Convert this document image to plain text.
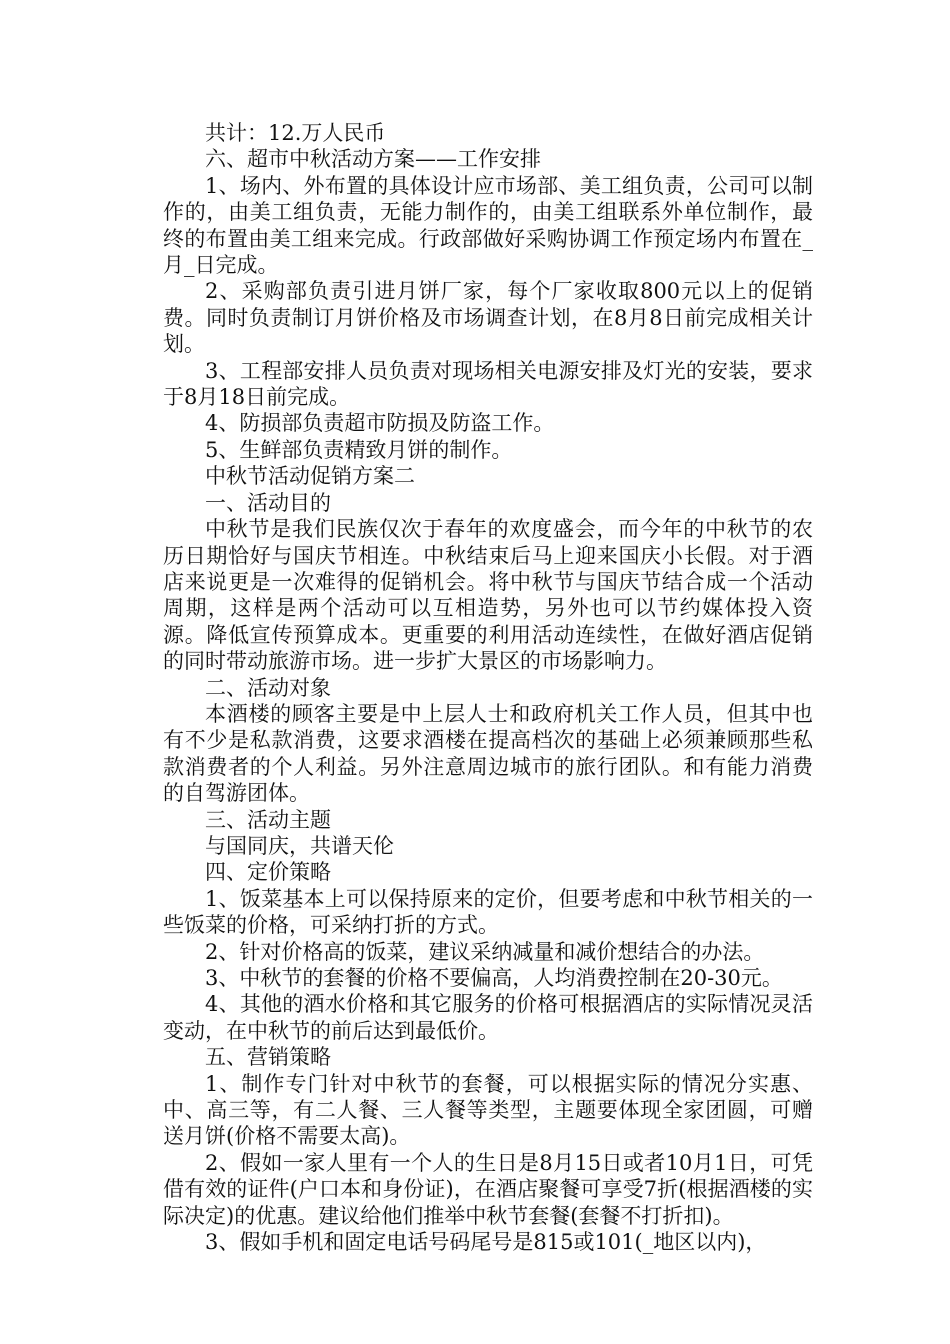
共计：12.万人民币

六、超市中秋活动方案——工作安排

1、场内、外布置的具体设计应市场部、美工组负责，公司可以制作的，由美工组负责，无能力制作的，由美工组联系外单位制作，最终的布置由美工组来完成。行政部做好采购协调工作预定场内布置在_月_日完成。

2、采购部负责引进月饼厂家，每个厂家收取800元以上的促销费。同时负责制订月饼价格及市场调查计划，在8月8日前完成相关计划。

3、工程部安排人员负责对现场相关电源安排及灯光的安装，要求于8月18日前完成。

4、防损部负责超市防损及防盗工作。

5、生鲜部负责精致月饼的制作。

中秋节活动促销方案二

一、活动目的

中秋节是我们民族仅次于春年的欢度盛会，而今年的中秋节的农历日期恰好与国庆节相连。中秋结束后马上迎来国庆小长假。对于酒店来说更是一次难得的促销机会。将中秋节与国庆节结合成一个活动周期，这样是两个活动可以互相造势，另外也可以节约媒体投入资源。降低宣传预算成本。更重要的利用活动连续性，在做好酒店促销的同时带动旅游市场。进一步扩大景区的市场影响力。

二、活动对象

本酒楼的顾客主要是中上层人士和政府机关工作人员，但其中也有不少是私款消费，这要求酒楼在提高档次的基础上必须兼顾那些私款消费者的个人利益。另外注意周边城市的旅行团队。和有能力消费的自驾游团体。

三、活动主题

与国同庆，共谱天伦

四、定价策略

1、饭菜基本上可以保持原来的定价，但要考虑和中秋节相关的一些饭菜的价格，可采纳打折的方式。

2、针对价格高的饭菜，建议采纳减量和减价想结合的办法。

3、中秋节的套餐的价格不要偏高，人均消费控制在20-30元。

4、其他的酒水价格和其它服务的价格可根据酒店的实际情况灵活变动，在中秋节的前后达到最低价。

五、营销策略

1、制作专门针对中秋节的套餐，可以根据实际的情况分实惠、中、高三等，有二人餐、三人餐等类型，主题要体现全家团圆，可赠送月饼(价格不需要太高)。

2、假如一家人里有一个人的生日是8月15日或者10月1日，可凭借有效的证件(户口本和身份证)，在酒店聚餐可享受7折(根据酒楼的实际决定)的优惠。建议给他们推举中秋节套餐(套餐不打折扣)。

3、假如手机和固定电话号码尾号是815或101(_地区以内)，
